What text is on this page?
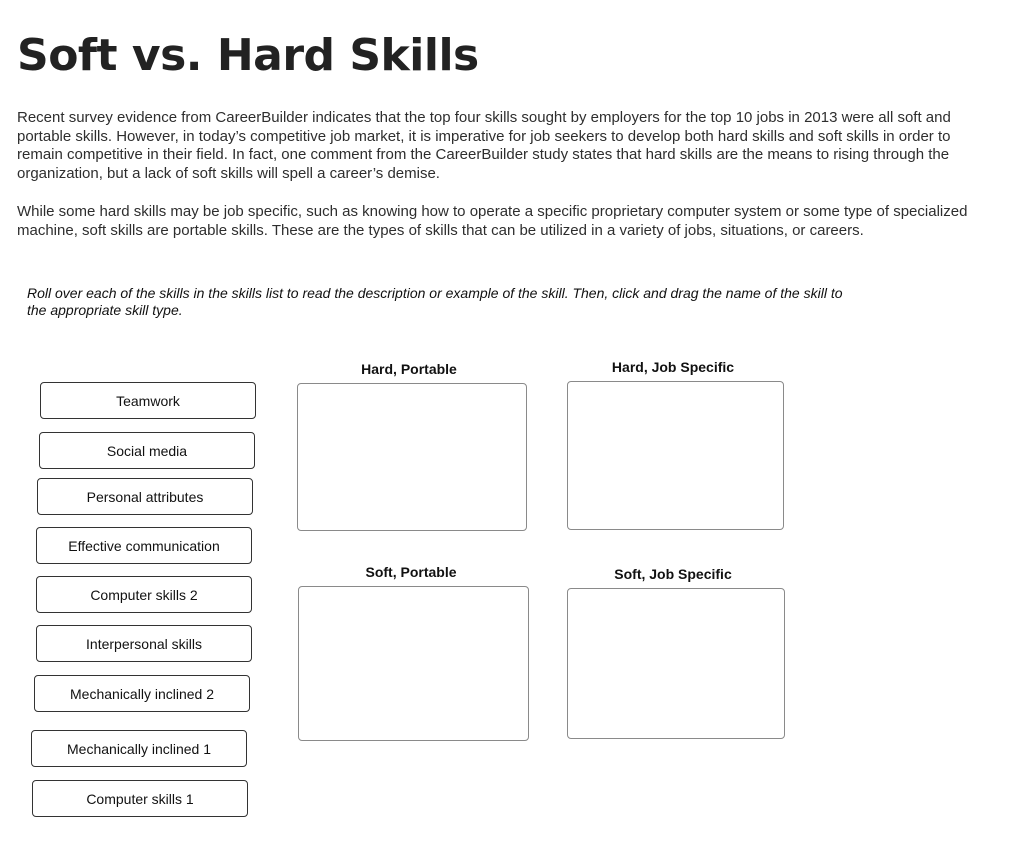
Soft vs. Hard Skills

Recent survey evidence from CareerBuilder indicates that the top four skills sought by employers for the top 10 jobs in 2013 were all soft and portable skills. However, in today’s competitive job market, it is imperative for job seekers to develop both hard skills and soft skills in order to remain competitive in their field. In fact, one comment from the CareerBuilder study states that hard skills are the means to rising through the organization, but a lack of soft skills will spell a career’s demise.

While some hard skills may be job specific, such as knowing how to operate a specific proprietary computer system or some type of specialized machine, soft skills are portable skills. These are the types of skills that can be utilized in a variety of jobs, situations, or careers.

Roll over each of the skills in the skills list to read the description or example of the skill. Then, click and drag the name of the skill to the appropriate skill type.

Teamwork
Social media
Personal attributes
Effective communication
Computer skills 2
Interpersonal skills
Mechanically inclined 2
Mechanically inclined 1
Computer skills 1
Hard, Portable	Hard, Job Specific
Soft, Portable	Soft, Job Specific
